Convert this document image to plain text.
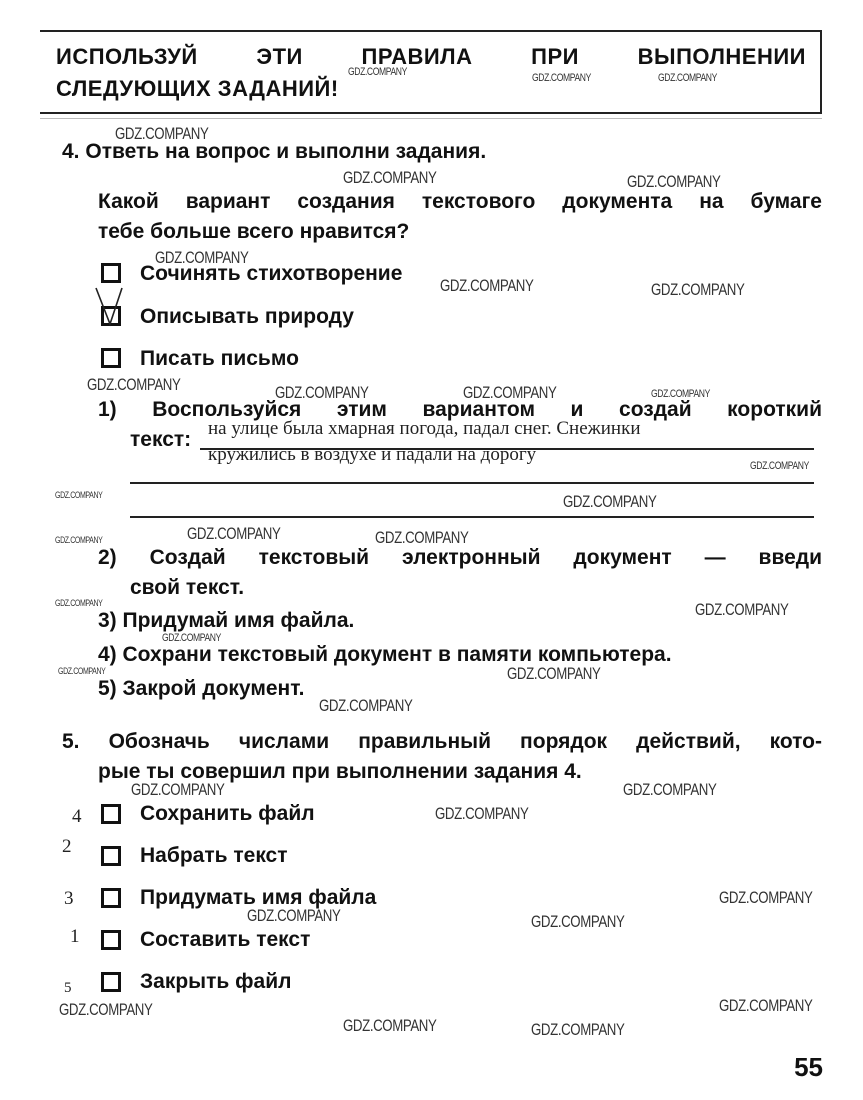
ИСПОЛЬЗУЙ	ЭТИ	ПРАВИЛА	ПРИ	ВЫПОЛНЕНИИ
СЛЕДУЮЩИХ ЗАДАНИЙ!
4. Ответь на вопрос и выполни задания.
Какой вариант создания текстового документа на бумаге
тебе больше всего нравится?
Сочинять стихотворение
Описывать природу
Писать письмо
1) Воспользуйся этим вариантом и создай короткий
текст: на улице была хмарная погода, падал снег. Снежинки
кружились в воздухе и падали на дорогу
2) Создай текстовый электронный документ — введи
свой текст.
3) Придумай имя файла.
4) Сохрани текстовый документ в памяти компьютера.
5) Закрой документ.
5. Обозначь числами правильный порядок действий, кото-
рые ты совершил при выполнении задания 4.
4	Сохранить файл
2	Набрать текст
3	Придумать имя файла
1	Составить текст
5	Закрыть файл
55
GDZ.COMPANY	GDZ.COMPANY	GDZ.COMPANY
GDZ.COMPANY
GDZ.COMPANY	GDZ.COMPANY
GDZ.COMPANY
GDZ.COMPANY	GDZ.COMPANY
GDZ.COMPANY	GDZ.COMPANY	GDZ.COMPANY	GDZ.COMPANY
GDZ.COMPANY
GDZ.COMPANY	GDZ.COMPANY
GDZ.COMPANY	GDZ.COMPANY	GDZ.COMPANY
GDZ.COMPANY	GDZ.COMPANY
GDZ.COMPANY
GDZ.COMPANY	GDZ.COMPANY
GDZ.COMPANY
GDZ.COMPANY	GDZ.COMPANY
GDZ.COMPANY
GDZ.COMPANY
GDZ.COMPANY	GDZ.COMPANY
GDZ.COMPANY	GDZ.COMPANY
GDZ.COMPANY	GDZ.COMPANY
